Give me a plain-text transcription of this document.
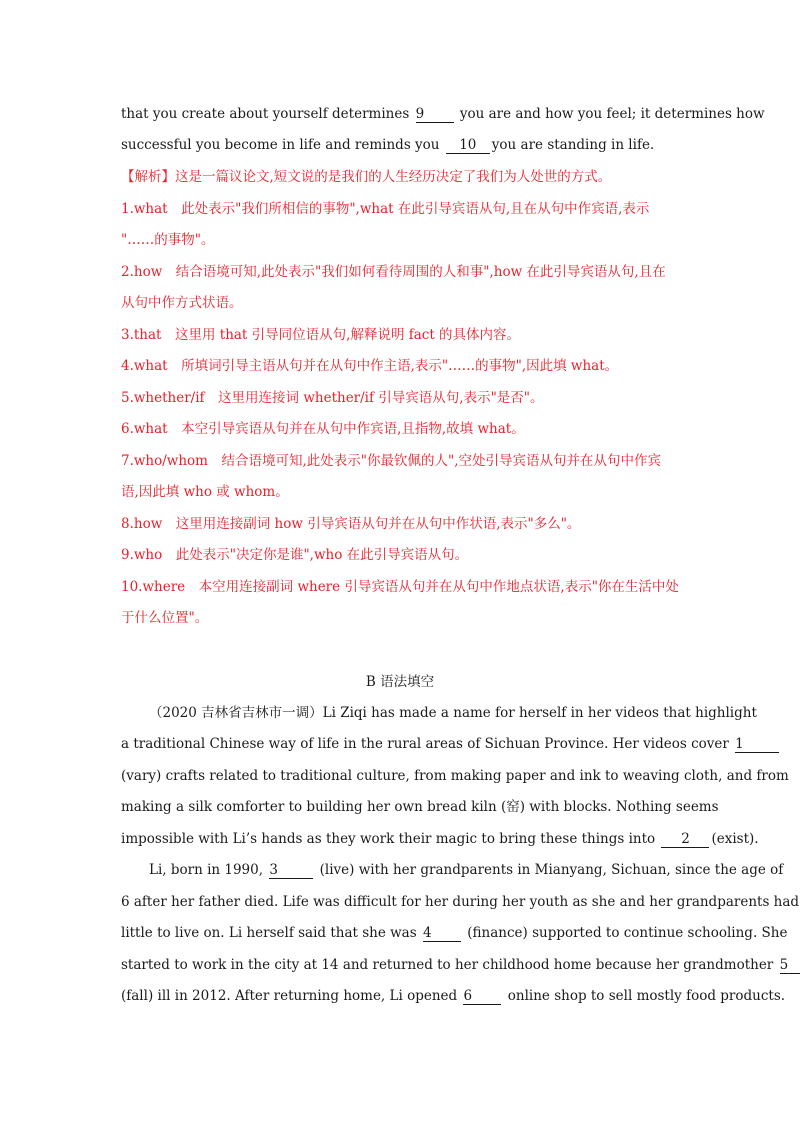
that you create about yourself determines 9	you are and how you feel; it determines how
successful you become in life and reminds you 10 you are standing in life.
【解析】这是一篇议论文,短文说的是我们的人生经历决定了我们为人处世的方式。
1.what　此处表示"我们所相信的事物",what 在此引导宾语从句,且在从句中作宾语,表示
"……的事物"。
2.how　结合语境可知,此处表示"我们如何看待周围的人和事",how 在此引导宾语从句,且在
从句中作方式状语。
3.that　这里用 that 引导同位语从句,解释说明 fact 的具体内容。
4.what　所填词引导主语从句并在从句中作主语,表示"……的事物",因此填 what。
5.whether/if　这里用连接词 whether/if 引导宾语从句,表示"是否"。
6.what　本空引导宾语从句并在从句中作宾语,且指物,故填 what。
7.who/whom　结合语境可知,此处表示"你最钦佩的人",空处引导宾语从句并在从句中作宾
语,因此填 who 或 whom。
8.how　这里用连接副词 how 引导宾语从句并在从句中作状语,表示"多么"。
9.who　此处表示"决定你是谁",who 在此引导宾语从句。
10.where　本空用连接副词 where 引导宾语从句并在从句中作地点状语,表示"你在生活中处
于什么位置"。
B 语法填空
（2020 吉林省吉林市一调）Li Ziqi has made a name for herself in her videos that highlight
a traditional Chinese way of life in the rural areas of Sichuan Province. Her videos cover 1
(vary) crafts related to traditional culture, from making paper and ink to weaving cloth, and from
making a silk comforter to building her own bread kiln (窑) with blocks. Nothing seems
impossible with Li’s hands as they work their magic to bring these things into 2 (exist).
Li, born in 1990, 3	(live) with her grandparents in Mianyang, Sichuan, since the age of
6 after her father died. Life was difficult for her during her youth as she and her grandparents had
little to live on. Li herself said that she was 4	(finance) supported to continue schooling. She
started to work in the city at 14 and returned to her childhood home because her grandmother 5
(fall) ill in 2012. After returning home, Li opened 6	online shop to sell mostly food products.
